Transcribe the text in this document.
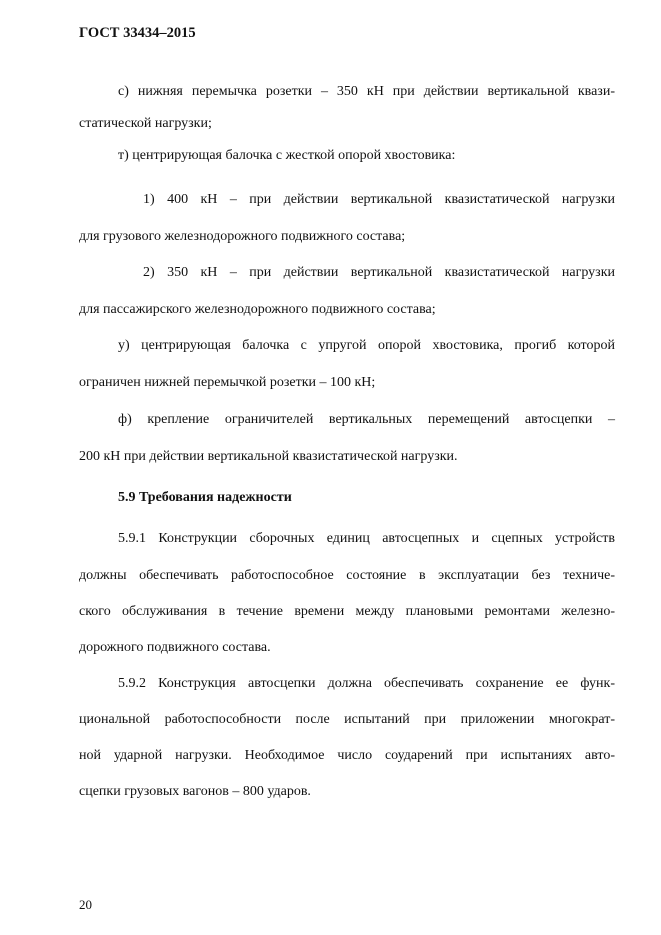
ГОСТ 33434–2015
с) нижняя перемычка розетки – 350 кН при действии вертикальной квази-
статической нагрузки;
т) центрирующая балочка с жесткой опорой хвостовика:
1) 400 кН – при действии вертикальной квазистатической нагрузки
для грузового железнодорожного подвижного состава;
2) 350 кН – при действии вертикальной квазистатической нагрузки
для пассажирского железнодорожного подвижного состава;
у) центрирующая балочка с упругой опорой хвостовика, прогиб которой
ограничен нижней перемычкой розетки – 100 кН;
ф) крепление ограничителей вертикальных перемещений автосцепки –
200 кН при действии вертикальной квазистатической нагрузки.
5.9 Требования надежности
5.9.1 Конструкции сборочных единиц автосцепных и сцепных устройств
должны обеспечивать работоспособное состояние в эксплуатации без техниче-
ского обслуживания в течение времени между плановыми ремонтами железно-
дорожного подвижного состава.
5.9.2 Конструкция автосцепки должна обеспечивать сохранение ее функ-
циональной работоспособности после испытаний при приложении многократ-
ной ударной нагрузки. Необходимое число соударений при испытаниях авто-
сцепки грузовых вагонов – 800 ударов.
20
